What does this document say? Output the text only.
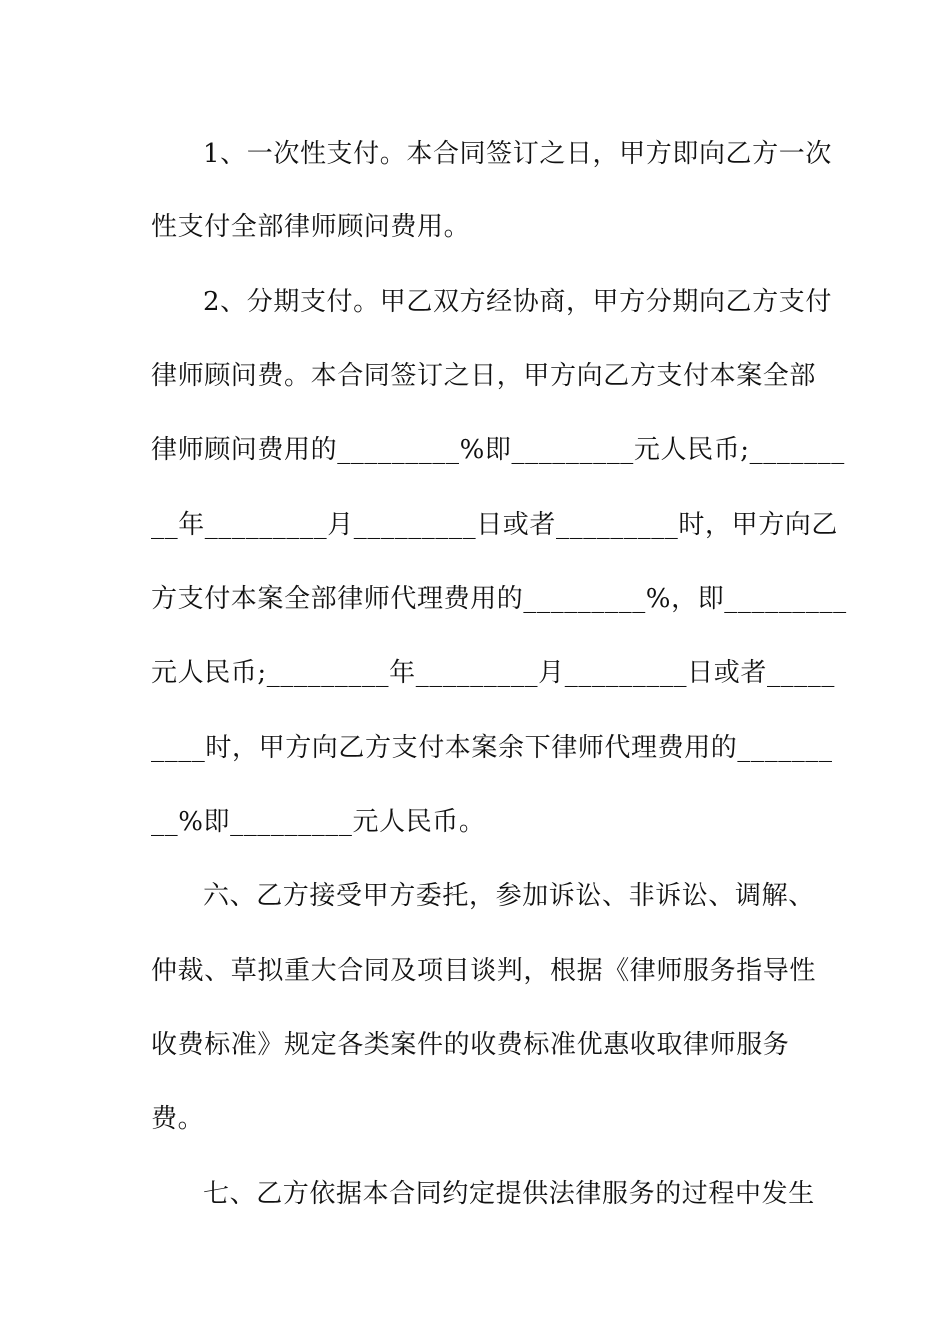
1、一次性支付。本合同签订之日，甲方即向乙方一次
性支付全部律师顾问费用。
2、分期支付。甲乙双方经协商，甲方分期向乙方支付
律师顾问费。本合同签订之日，甲方向乙方支付本案全部
律师顾问费用的_________%即_________元人民币;_______
__年_________月_________日或者_________时，甲方向乙
方支付本案全部律师代理费用的_________%，即_________
元人民币;_________年_________月_________日或者_____
____时，甲方向乙方支付本案余下律师代理费用的_______
__%即_________元人民币。
六、乙方接受甲方委托，参加诉讼、非诉讼、调解、
仲裁、草拟重大合同及项目谈判，根据《律师服务指导性
收费标准》规定各类案件的收费标准优惠收取律师服务
费。
七、乙方依据本合同约定提供法律服务的过程中发生
